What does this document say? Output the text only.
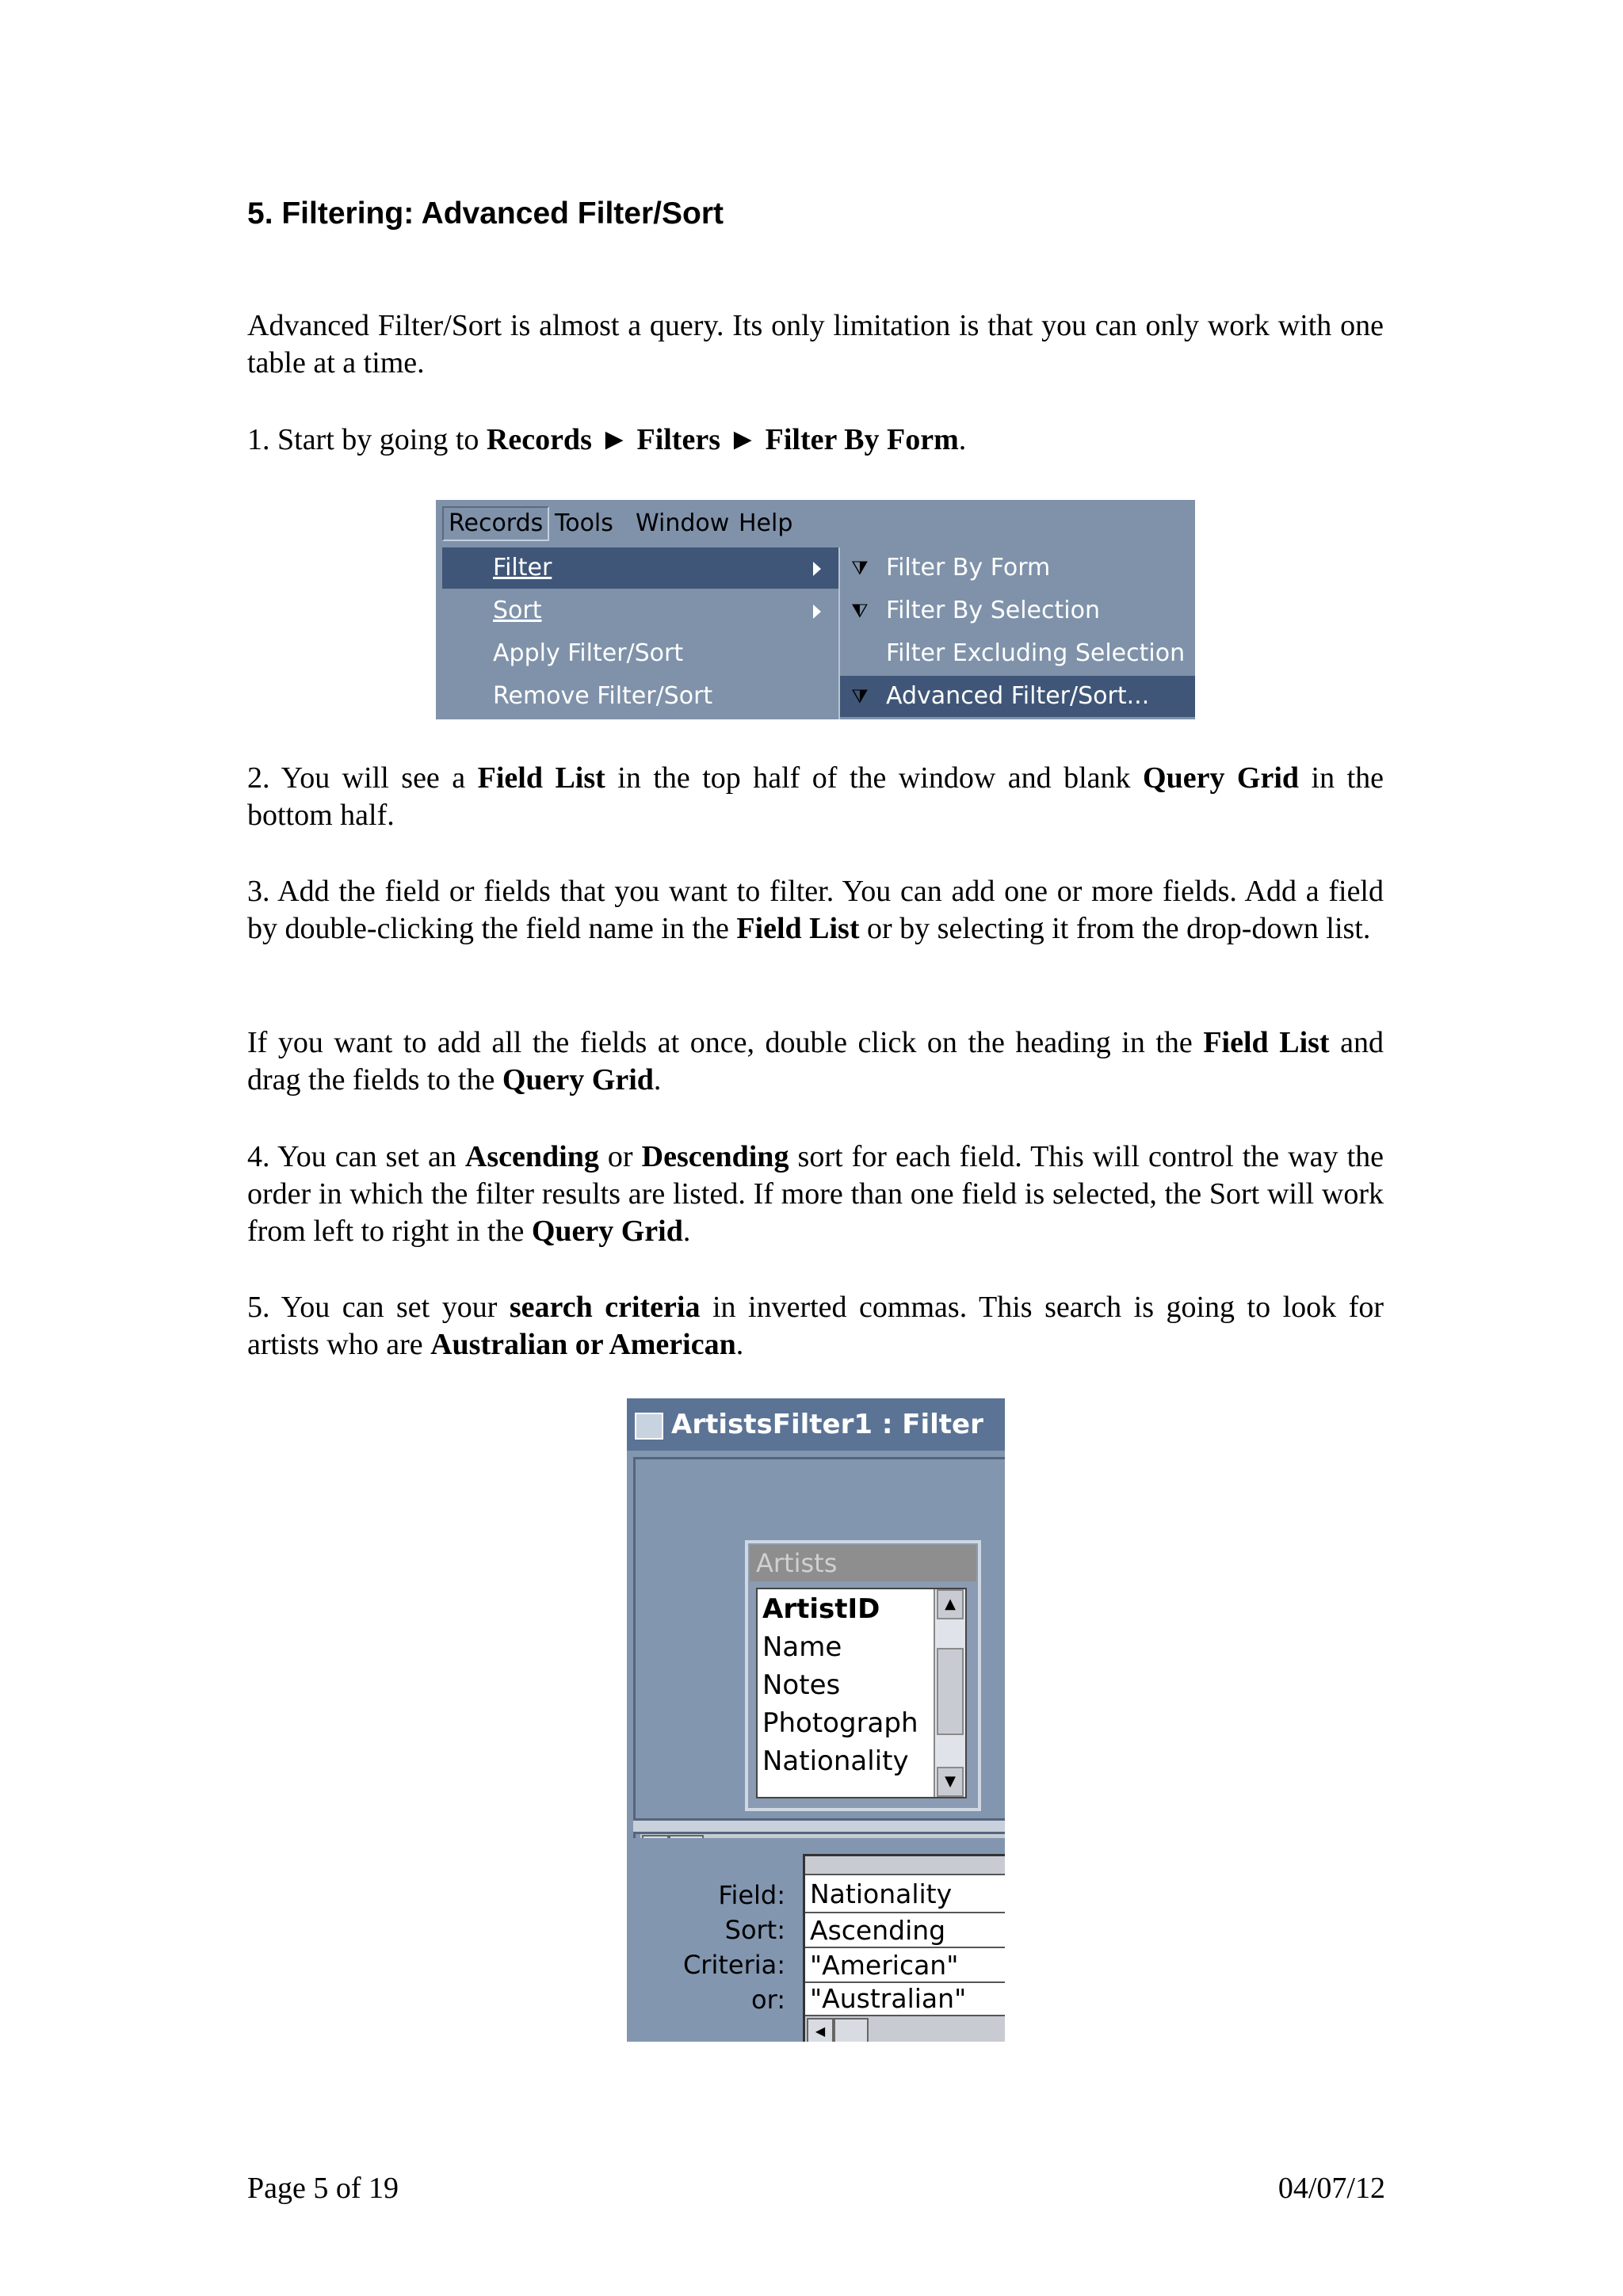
5. Filtering: Advanced Filter/Sort

Advanced Filter/Sort is almost a query. Its only limitation is that you can only work with one table at a time.

1. Start by going to Records ► Filters ► Filter By Form.

Records Tools Window Help
Filter
Sort
Apply Filter/Sort
Remove Filter/Sort
⧩ Filter By Form
⧨ Filter By Selection
Filter Excluding Selection
⧩ Advanced Filter/Sort...

2. You will see a Field List in the top half of the window and blank Query Grid in the bottom half.

3. Add the field or fields that you want to filter. You can add one or more fields. Add a field by double-clicking the field name in the Field List or by selecting it from the drop-down list.

If you want to add all the fields at once, double click on the heading in the Field List and drag the fields to the Query Grid.

4. You can set an Ascending or Descending sort for each field. This will control the way the order in which the filter results are listed. If more than one field is selected, the Sort will work from left to right in the Query Grid.

5. You can set your search criteria in inverted commas. This search is going to look for artists who are Australian or American.

ArtistsFilter1 : Filter
Artists
ArtistID
Name
Notes
Photograph
Nationality
▲
▼
Field:
Sort:
Criteria:
or:
Nationality
Ascending
"American"
"Australian"
◀
Page 5 of 19	04/07/12
